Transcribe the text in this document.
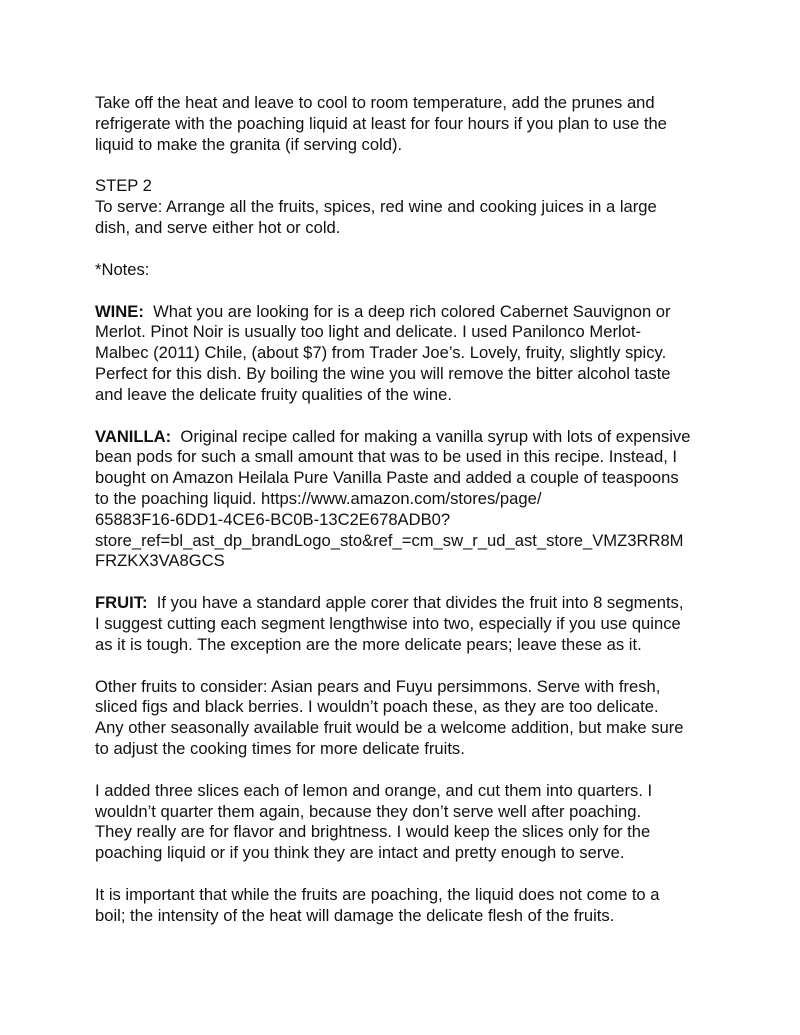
Take off the heat and leave to cool to room temperature, add the prunes and
refrigerate with the poaching liquid at least for four hours if you plan to use the
liquid to make the granita (if serving cold).

STEP 2
To serve: Arrange all the fruits, spices, red wine and cooking juices in a large
dish, and serve either hot or cold.

*Notes:

WINE:  What you are looking for is a deep rich colored Cabernet Sauvignon or
Merlot. Pinot Noir is usually too light and delicate. I used Panilonco Merlot-
Malbec (2011) Chile, (about $7) from Trader Joe’s. Lovely, fruity, slightly spicy.
Perfect for this dish. By boiling the wine you will remove the bitter alcohol taste
and leave the delicate fruity qualities of the wine.

VANILLA:  Original recipe called for making a vanilla syrup with lots of expensive
bean pods for such a small amount that was to be used in this recipe. Instead, I
bought on Amazon Heilala Pure Vanilla Paste and added a couple of teaspoons
to the poaching liquid. https://www.amazon.com/stores/page/
65883F16-6DD1-4CE6-BC0B-13C2E678ADB0?
store_ref=bl_ast_dp_brandLogo_sto&ref_=cm_sw_r_ud_ast_store_VMZ3RR8M
FRZKX3VA8GCS

FRUIT:  If you have a standard apple corer that divides the fruit into 8 segments,
I suggest cutting each segment lengthwise into two, especially if you use quince
as it is tough. The exception are the more delicate pears; leave these as it.

Other fruits to consider: Asian pears and Fuyu persimmons. Serve with fresh,
sliced figs and black berries. I wouldn’t poach these, as they are too delicate.
Any other seasonally available fruit would be a welcome addition, but make sure
to adjust the cooking times for more delicate fruits.

I added three slices each of lemon and orange, and cut them into quarters. I
wouldn’t quarter them again, because they don’t serve well after poaching.
They really are for flavor and brightness. I would keep the slices only for the
poaching liquid or if you think they are intact and pretty enough to serve.

It is important that while the fruits are poaching, the liquid does not come to a
boil; the intensity of the heat will damage the delicate flesh of the fruits.
